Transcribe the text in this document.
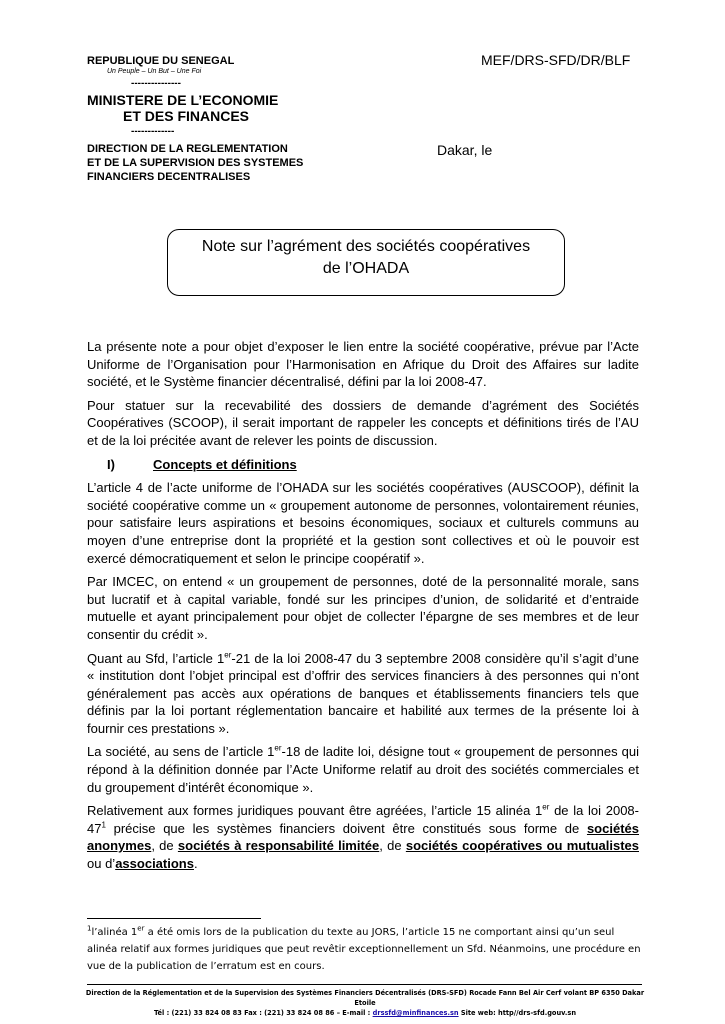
REPUBLIQUE DU SENEGAL
Un Peuple – Un But – Une Foi
---------------
MINISTERE DE L’ECONOMIE
ET DES FINANCES
-------------
DIRECTION DE LA REGLEMENTATION
ET DE LA SUPERVISION DES SYSTEMES
FINANCIERS DECENTRALISES
MEF/DRS-SFD/DR/BLF
Dakar, le
Note sur l’agrément des sociétés coopératives
de l’OHADA

La présente note a pour objet d’exposer le lien entre la société coopérative, prévue par l’Acte Uniforme de l’Organisation pour l’Harmonisation en Afrique du Droit des Affaires sur ladite société, et le Système financier décentralisé, défini par la loi 2008-47.

Pour statuer sur la recevabilité des dossiers de demande d’agrément des Sociétés Coopératives (SCOOP), il serait important de rappeler les concepts et définitions tirés de l’AU et de la loi précitée avant de relever les points de discussion.

I)	Concepts et définitions

L’article 4 de l’acte uniforme de l’OHADA sur les sociétés coopératives (AUSCOOP), définit la société coopérative comme un « groupement autonome de personnes, volontairement réunies, pour satisfaire leurs aspirations et besoins économiques, sociaux et culturels communs au moyen d’une entreprise dont la propriété et la gestion sont collectives et où le pouvoir est exercé démocratiquement et selon le principe coopératif ».

Par IMCEC, on entend « un groupement de personnes, doté de la personnalité morale, sans but lucratif et à capital variable, fondé sur les principes d’union, de solidarité et d’entraide mutuelle et ayant principalement pour objet de collecter l’épargne de ses membres et de leur consentir du crédit ».

Quant au Sfd, l’article 1er-21 de la loi 2008-47 du 3 septembre 2008 considère qu’il s’agit d’une « institution dont l’objet principal est d’offrir des services financiers à des personnes qui n’ont généralement pas accès aux opérations de banques et établissements financiers tels que définis par la loi portant réglementation bancaire et habilité aux termes de la présente loi à fournir ces prestations ».

La société, au sens de l’article 1er-18 de ladite loi, désigne tout « groupement de personnes qui répond à la définition donnée par l’Acte Uniforme relatif au droit des sociétés commerciales et du groupement d’intérêt économique ».

Relativement aux formes juridiques pouvant être agréées, l’article 15 alinéa 1er de la loi $2008-47^1$ précise que les systèmes financiers doivent être constitués sous forme de sociétés anonymes, de sociétés à responsabilité limitée, de sociétés coopératives ou mutualistes ou d’associations.

$^1$l’alinéa 1er a été omis lors de la publication du texte au JORS, l’article 15 ne comportant ainsi qu’un seul alinéa relatif aux formes juridiques que peut revêtir exceptionnellement un Sfd. Néanmoins, une procédure en vue de la publication de l’erratum est en cours.
Direction de la Réglementation et de la Supervision des Systèmes Financiers Décentralisés (DRS-SFD) Rocade Fann Bel Air Cerf volant BP 6350 Dakar Etoile
Tél : (221) 33 824 08 83 Fax : (221) 33 824 08 86 – E-mail : drssfd@minfinances.sn Site web: http//drs-sfd.gouv.sn
